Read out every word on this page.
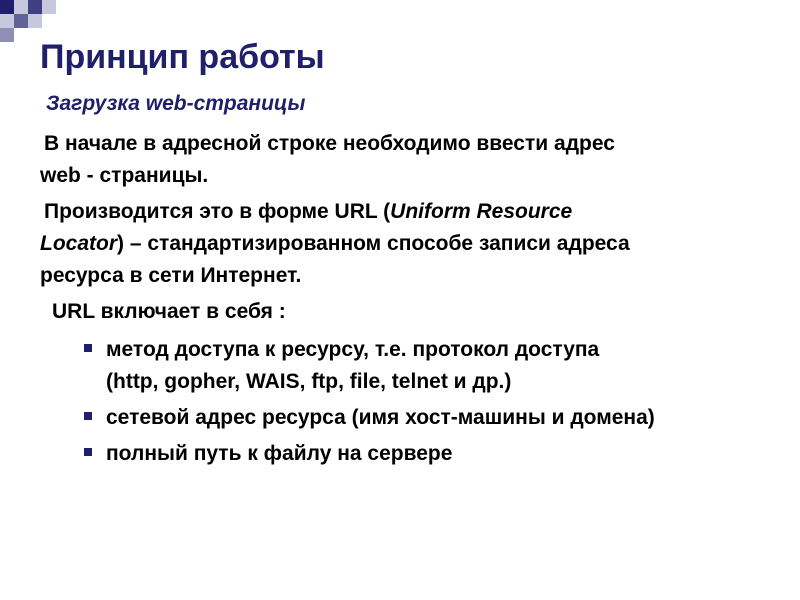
Принцип работы
Загрузка web-страницы
В начале в адресной строке необходимо ввести адрес
web - страницы.
Производится это в форме URL (Uniform Resource
Locator) – стандартизированном способе записи адреса
ресурса в сети Интернет.
URL включает в себя :
метод доступа к ресурсу, т.е. протокол доступа
(http, gopher, WAIS, ftp, file, telnet и др.)
сетевой адрес ресурса (имя хост-машины и домена)
полный путь к файлу на сервере
